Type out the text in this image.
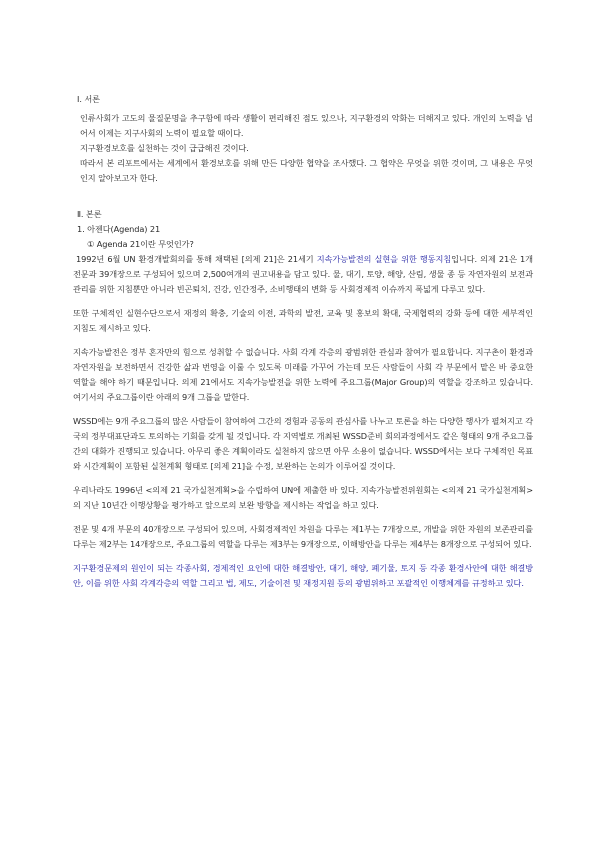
Ⅰ. 서론

인류사회가 고도의 물질문명을 추구함에 따라 생활이 편리해진 점도 있으나, 지구환경의 악화는 더해지고 있다. 개인의 노력을 넘어서 이제는 지구사회의 노력이 필요할 때이다.

지구환경보호를 실천하는 것이 급급해진 것이다.

따라서 본 리포트에서는 세계에서 환경보호를 위해 만든 다양한 협약을 조사했다. 그 협약은 무엇을 위한 것이며, 그 내용은 무엇인지 알아보고자 한다.

Ⅱ. 본론
1. 아젠다(Agenda) 21
① Agenda 21이란 무엇인가?

1992년 6월 UN 환경개발회의를 통해 채택된 [의제 21]은 21세기 지속가능발전의 실현을 위한 행동지침입니다. 의제 21은 1개 전문과 39개장으로 구성되어 있으며 2,500여개의 권고내용을 담고 있다. 물, 대기, 토양, 해양, 산림, 생물 종 등 자연자원의 보전과 관리를 위한 지침뿐만 아니라 빈곤퇴치, 건강, 인간정주, 소비행태의 변화 등 사회경제적 이슈까지 폭넓게 다루고 있다.

또한 구체적인 실현수단으로서 재정의 확충, 기술의 이전, 과학의 발전, 교육 및 홍보의 확대, 국제협력의 강화 등에 대한 세부적인 지침도 제시하고 있다.

지속가능발전은 정부 혼자만의 힘으로 성취할 수 없습니다. 사회 각계 각층의 광범위한 관심과 참여가 필요합니다. 지구촌이 환경과 자연자원을 보전하면서 건강한 삶과 번영을 이룰 수 있도록 미래를 가꾸어 가는데 모든 사람들이 사회 각 부문에서 맡은 바 중요한 역할을 해야 하기 때문입니다. 의제 21에서도 지속가능발전을 위한 노력에 주요그룹(Major Group)의 역할을 강조하고 있습니다. 여기서의 주요그룹이란 아래의 9개 그룹을 말한다.

WSSD에는 9개 주요그룹의 많은 사람들이 참여하여 그간의 경험과 공동의 관심사를 나누고 토론을 하는 다양한 행사가 펼쳐지고 각국의 정부대표단과도 토의하는 기회를 갖게 될 것입니다. 각 지역별로 개최된 WSSD준비 회의과정에서도 같은 형태의 9개 주요그룹간의 대화가 진행되고 있습니다. 아무리 좋은 계획이라도 실천하지 않으면 아무 소용이 없습니다. WSSD에서는 보다 구체적인 목표와 시간계획이 포함된 실천계획 형태로 [의제 21]을 수정, 보완하는 논의가 이루어질 것이다.

우리나라도 1996년 <의제 21 국가실천계획>을 수립하여 UN에 제출한 바 있다. 지속가능발전위원회는 <의제 21 국가실천계획>의 지난 10년간 이행상황을 평가하고 앞으로의 보완 방향을 제시하는 작업을 하고 있다.

전문 및 4개 부문의 40개장으로 구성되어 있으며, 사회경제적인 차원을 다루는 제1부는 7개장으로, 개발을 위한 자원의 보존관리를 다루는 제2부는 14개장으로, 주요그룹의 역할을 다루는 제3부는 9개장으로, 이해방안을 다루는 제4부는 8개장으로 구성되어 있다.

지구환경문제의 원인이 되는 각종사회, 경제적인 요인에 대한 해결방안, 대기, 해양, 폐기물, 토지 등 각종 환경사안에 대한 해결방안, 이를 위한 사회 각계각층의 역할 그리고 법, 제도, 기술이전 및 재정지원 등의 광범위하고 포괄적인 이행체계를 규정하고 있다.
